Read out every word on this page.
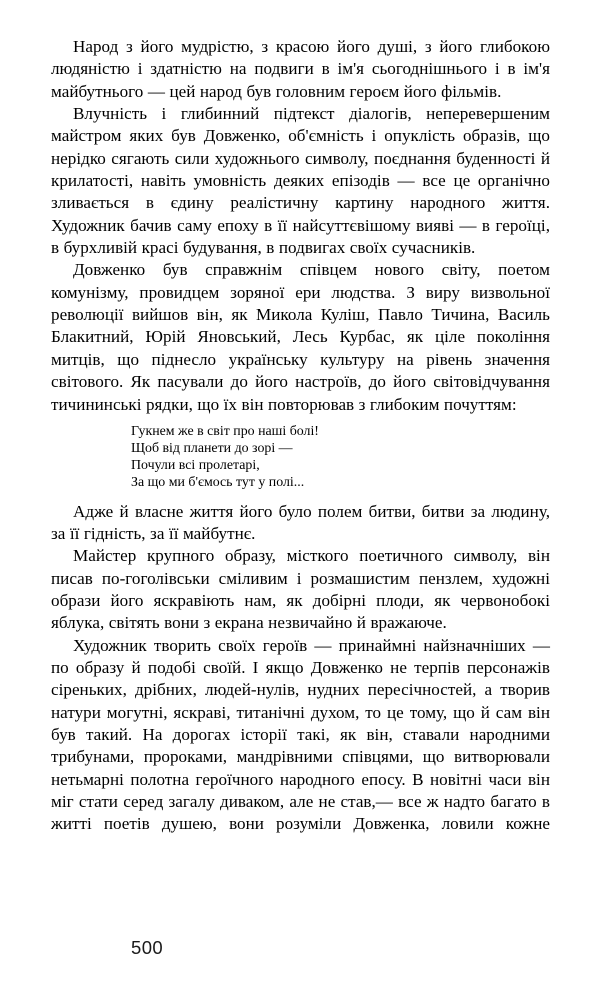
Народ з його мудрістю, з красою його душі, з його глибокою людяністю і здатністю на подвиги в ім'я сьогоднішнього і в ім'я майбутнього — цей народ був головним героєм його фільмів.

Влучність і глибинний підтекст діалогів, неперевершеним майстром яких був Довженко, об'ємність і опуклість образів, що нерідко сягають сили художнього символу, поєднання буденності й крилатості, навіть умовність деяких епізодів — все це органічно зливається в єдину реалістичну картину народного життя. Художник бачив саму епоху в її найсуттєвішому вияві — в героїці, в бурхливій красі будування, в подвигах своїх сучасників.

Довженко був справжнім співцем нового світу, поетом комунізму, провидцем зоряної ери людства. З виру визвольної революції вийшов він, як Микола Куліш, Павло Тичина, Василь Блакитний, Юрій Яновський, Лесь Курбас, як ціле покоління митців, що піднесло українську культуру на рівень значення світового. Як пасували до його настроїв, до його світовідчування тичининські рядки, що їх він повторював з глибоким почуттям:

Гукнем же в світ про наші болі!
Щоб від планети до зорі —
Почули всі пролетарі,
За що ми б'ємось тут у полі...

Адже й власне життя його було полем битви, битви за людину, за її гідність, за її майбутнє.

Майстер крупного образу, місткого поетичного символу, він писав по-гоголівськи сміливим і розмашистим пензлем, художні образи його яскравіють нам, як добірні плоди, як червонобокі яблука, світять вони з екрана незвичайно й вражаюче.

Художник творить своїх героїв — принаймні найзначніших — по образу й подобі своїй. І якщо Довженко не терпів персонажів сіреньких, дрібних, людей-нулів, нудних пересічностей, а творив натури могутні, яскраві, титанічні духом, то це тому, що й сам він був такий. На дорогах історії такі, як він, ставали народними трибунами, пророками, мандрівними співцями, що витворювали нетьмарні полотна героїчного народного епосу. В новітні часи він міг стати серед загалу диваком, але не став,— все ж надто багато в житті поетів душею, вони розуміли Довженка, ловили кожне

500
